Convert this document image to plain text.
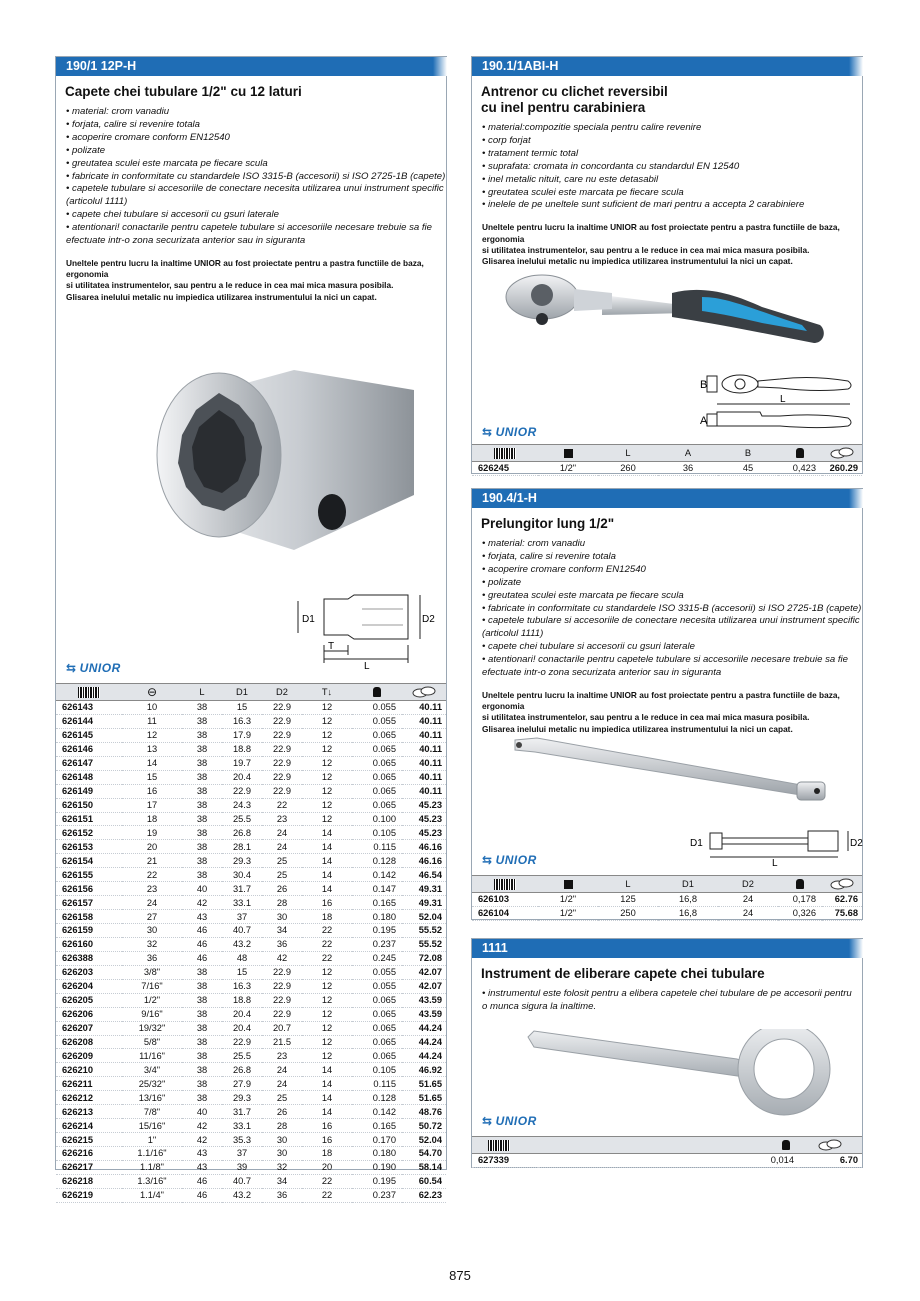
190/1 12P-H
Capete chei tubulare 1/2" cu 12 laturi
• material: crom vanadiu
• forjata, calire si revenire totala
• acoperire cromare conform EN12540
• polizate
• greutatea sculei este marcata pe fiecare scula
• fabricate in conformitate cu standardele ISO 3315-B (accesorii) si ISO 2725-1B (capete)
• capetele tubulare si accesoriile de conectare necesita utilizarea unui instrument specific
(articolul 1111)
• capete chei tubulare si accesorii cu gsuri laterale
• atentionari! conactarile pentru capetele tubulare si accesoriile necesare trebuie sa fie
efectuate intr-o zona securizata anterior sau in siguranta
Uneltele pentru lucru la inaltime UNIOR au fost proiectate pentru a pastra functiile de baza, ergonomia
si utilitatea instrumentelor, sau pentru a le reduce in cea mai mica masura posibila.
Glisarea inelului metalic nu impiedica utilizarea instrumentului la nici un capat.
D1	D2
T
L
⇆ UNIOR
	⊖	L	D1	D2	T↓		
626143	10	38	15	22.9	12	0.055	40.11
626144	11	38	16.3	22.9	12	0.055	40.11
626145	12	38	17.9	22.9	12	0.065	40.11
626146	13	38	18.8	22.9	12	0.065	40.11
626147	14	38	19.7	22.9	12	0.065	40.11
626148	15	38	20.4	22.9	12	0.065	40.11
626149	16	38	22.9	22.9	12	0.065	40.11
626150	17	38	24.3	22	12	0.065	45.23
626151	18	38	25.5	23	12	0.100	45.23
626152	19	38	26.8	24	14	0.105	45.23
626153	20	38	28.1	24	14	0.115	46.16
626154	21	38	29.3	25	14	0.128	46.16
626155	22	38	30.4	25	14	0.142	46.54
626156	23	40	31.7	26	14	0.147	49.31
626157	24	42	33.1	28	16	0.165	49.31
626158	27	43	37	30	18	0.180	52.04
626159	30	46	40.7	34	22	0.195	55.52
626160	32	46	43.2	36	22	0.237	55.52
626388	36	46	48	42	22	0.245	72.08
626203	3/8"	38	15	22.9	12	0.055	42.07
626204	7/16"	38	16.3	22.9	12	0.055	42.07
626205	1/2"	38	18.8	22.9	12	0.065	43.59
626206	9/16"	38	20.4	22.9	12	0.065	43.59
626207	19/32"	38	20.4	20.7	12	0.065	44.24
626208	5/8"	38	22.9	21.5	12	0.065	44.24
626209	11/16"	38	25.5	23	12	0.065	44.24
626210	3/4"	38	26.8	24	14	0.105	46.92
626211	25/32"	38	27.9	24	14	0.115	51.65
626212	13/16"	38	29.3	25	14	0.128	51.65
626213	7/8"	40	31.7	26	14	0.142	48.76
626214	15/16"	42	33.1	28	16	0.165	50.72
626215	1"	42	35.3	30	16	0.170	52.04
626216	1.1/16"	43	37	30	18	0.180	54.70
626217	1.1/8"	43	39	32	20	0.190	58.14
626218	1.3/16"	46	40.7	34	22	0.195	60.54
626219	1.1/4"	46	43.2	36	22	0.237	62.23
190.1/1ABI-H
Antrenor cu clichet reversibil
cu inel pentru carabiniera
• material:compozitie speciala pentru calire revenire
• corp forjat
• tratament termic total
• suprafata: cromata in concordanta cu standardul EN 12540
• inel metalic nituit, care nu este detasabil
• greutatea sculei este marcata pe fiecare scula
• inelele de pe uneltele sunt suficient de mari pentru a accepta 2 carabiniere
Uneltele pentru lucru la inaltime UNIOR au fost proiectate pentru a pastra functiile de baza, ergonomia
si utilitatea instrumentelor, sau pentru a le reduce in cea mai mica masura posibila.
Glisarea inelului metalic nu impiedica utilizarea instrumentului la nici un capat.
B
A
L
⇆ UNIOR
		L	A	B		
626245	1/2"	260	36	45	0,423	260.29
190.4/1-H
Prelungitor lung 1/2"
• material: crom vanadiu
• forjata, calire si revenire totala
• acoperire cromare conform EN12540
• polizate
• greutatea sculei este marcata pe fiecare scula
• fabricate in conformitate cu standardele ISO 3315-B (accesorii) si ISO 2725-1B (capete)
• capetele tubulare si accesoriile de conectare necesita utilizarea unui instrument specific
(articolul 1111)
• capete chei tubulare si accesorii cu gsuri laterale
• atentionari! conactarile pentru capetele tubulare si accesoriile necesare trebuie sa fie
efectuate intr-o zona securizata anterior sau in siguranta
Uneltele pentru lucru la inaltime UNIOR au fost proiectate pentru a pastra functiile de baza, ergonomia
si utilitatea instrumentelor, sau pentru a le reduce in cea mai mica masura posibila.
Glisarea inelului metalic nu impiedica utilizarea instrumentului la nici un capat.
D1	D2
L
⇆ UNIOR
		L	D1	D2		
626103	1/2"	125	16,8	24	0,178	62.76
626104	1/2"	250	16,8	24	0,326	75.68
1111
Instrument de eliberare capete chei tubulare
• instrumentul este folosit pentru a elibera capetele chei tubulare de pe accesorii pentru
o munca sigura la inaltime.
⇆ UNIOR

627339	0,014	6.70
875
